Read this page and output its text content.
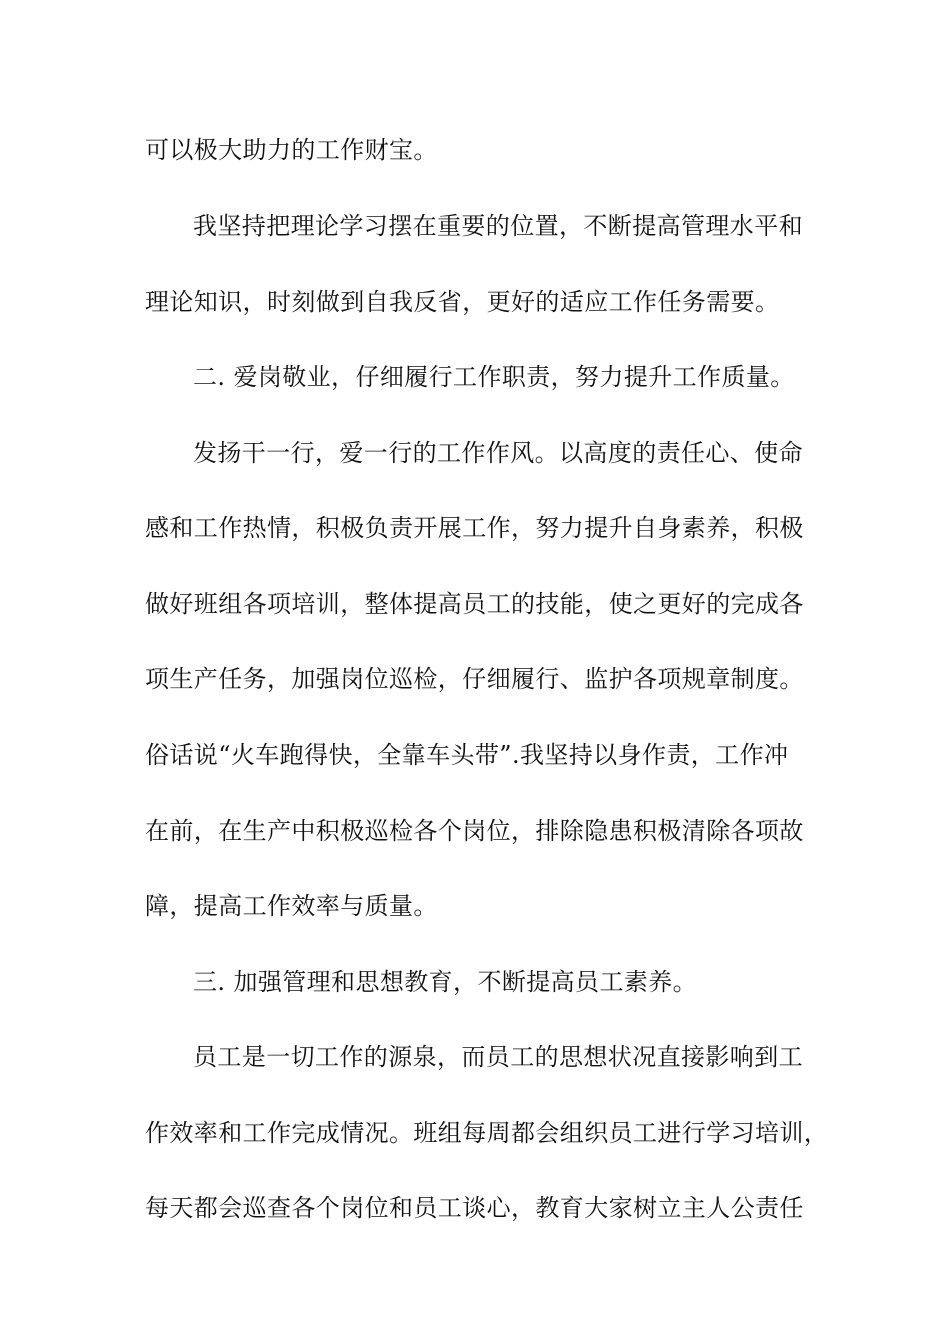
可以极大助力的工作财宝。
我坚持把理论学习摆在重要的位置，不断提高管理水平和
理论知识，时刻做到自我反省，更好的适应工作任务需要。
二. 爱岗敬业，仔细履行工作职责，努力提升工作质量。
发扬干一行，爱一行的工作作风。以高度的责任心、使命
感和工作热情，积极负责开展工作，努力提升自身素养，积极
做好班组各项培训，整体提高员工的技能，使之更好的完成各
项生产任务，加强岗位巡检，仔细履行、监护各项规章制度。
俗话说“火车跑得快，全靠车头带”.我坚持以身作责，工作冲
在前，在生产中积极巡检各个岗位，排除隐患积极清除各项故
障，提高工作效率与质量。
三. 加强管理和思想教育，不断提高员工素养。
员工是一切工作的源泉，而员工的思想状况直接影响到工
作效率和工作完成情况。班组每周都会组织员工进行学习培训，
每天都会巡查各个岗位和员工谈心，教育大家树立主人公责任
